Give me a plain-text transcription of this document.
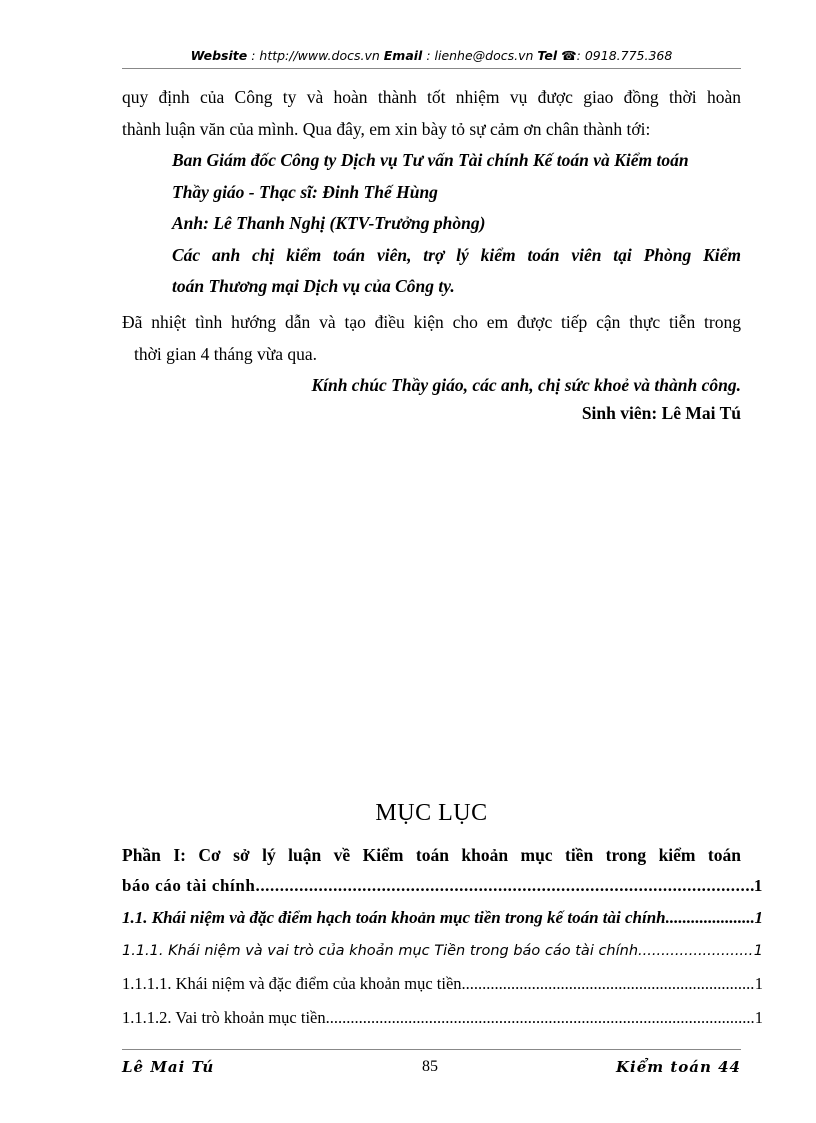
Website : http://www.docs.vn Email : lienhe@docs.vn Tel ☎: 0918.775.368
quy định của Công ty và hoàn thành tốt nhiệm vụ được giao đồng thời hoàn
thành luận văn của mình. Qua đây, em xin bày tỏ sự cảm ơn chân thành tới:
Ban Giám đốc Công ty Dịch vụ Tư vấn Tài chính Kế toán và Kiểm toán
Thầy giáo - Thạc sĩ: Đinh Thế Hùng
Anh: Lê Thanh Nghị (KTV-Trưởng phòng)
Các anh chị kiểm toán viên, trợ lý kiểm toán viên tại Phòng Kiểm
toán Thương mại Dịch vụ của Công ty.
Đã nhiệt tình hướng dẫn và tạo điều kiện cho em được tiếp cận thực tiễn trong
thời gian 4 tháng vừa qua.
Kính chúc Thầy giáo, các anh, chị sức khoẻ và thành công.
Sinh viên: Lê Mai Tú
MỤC LỤC
Phần I: Cơ sở lý luận về Kiểm toán khoản mục tiền trong kiểm toán
báo cáo tài chính .....	1
1.1. Khái niệm và đặc điểm hạch toán khoản mục tiền trong kế toán tài chính .....	1
1.1.1. Khái niệm và vai trò của khoản mục Tiền trong báo cáo tài chính .....	1
1.1.1.1. Khái niệm và đặc điểm của khoản mục tiền .....	1
1.1.1.2. Vai trò khoản mục tiền .....	1
Lê Mai Tú	85	Kiểm toán 44
